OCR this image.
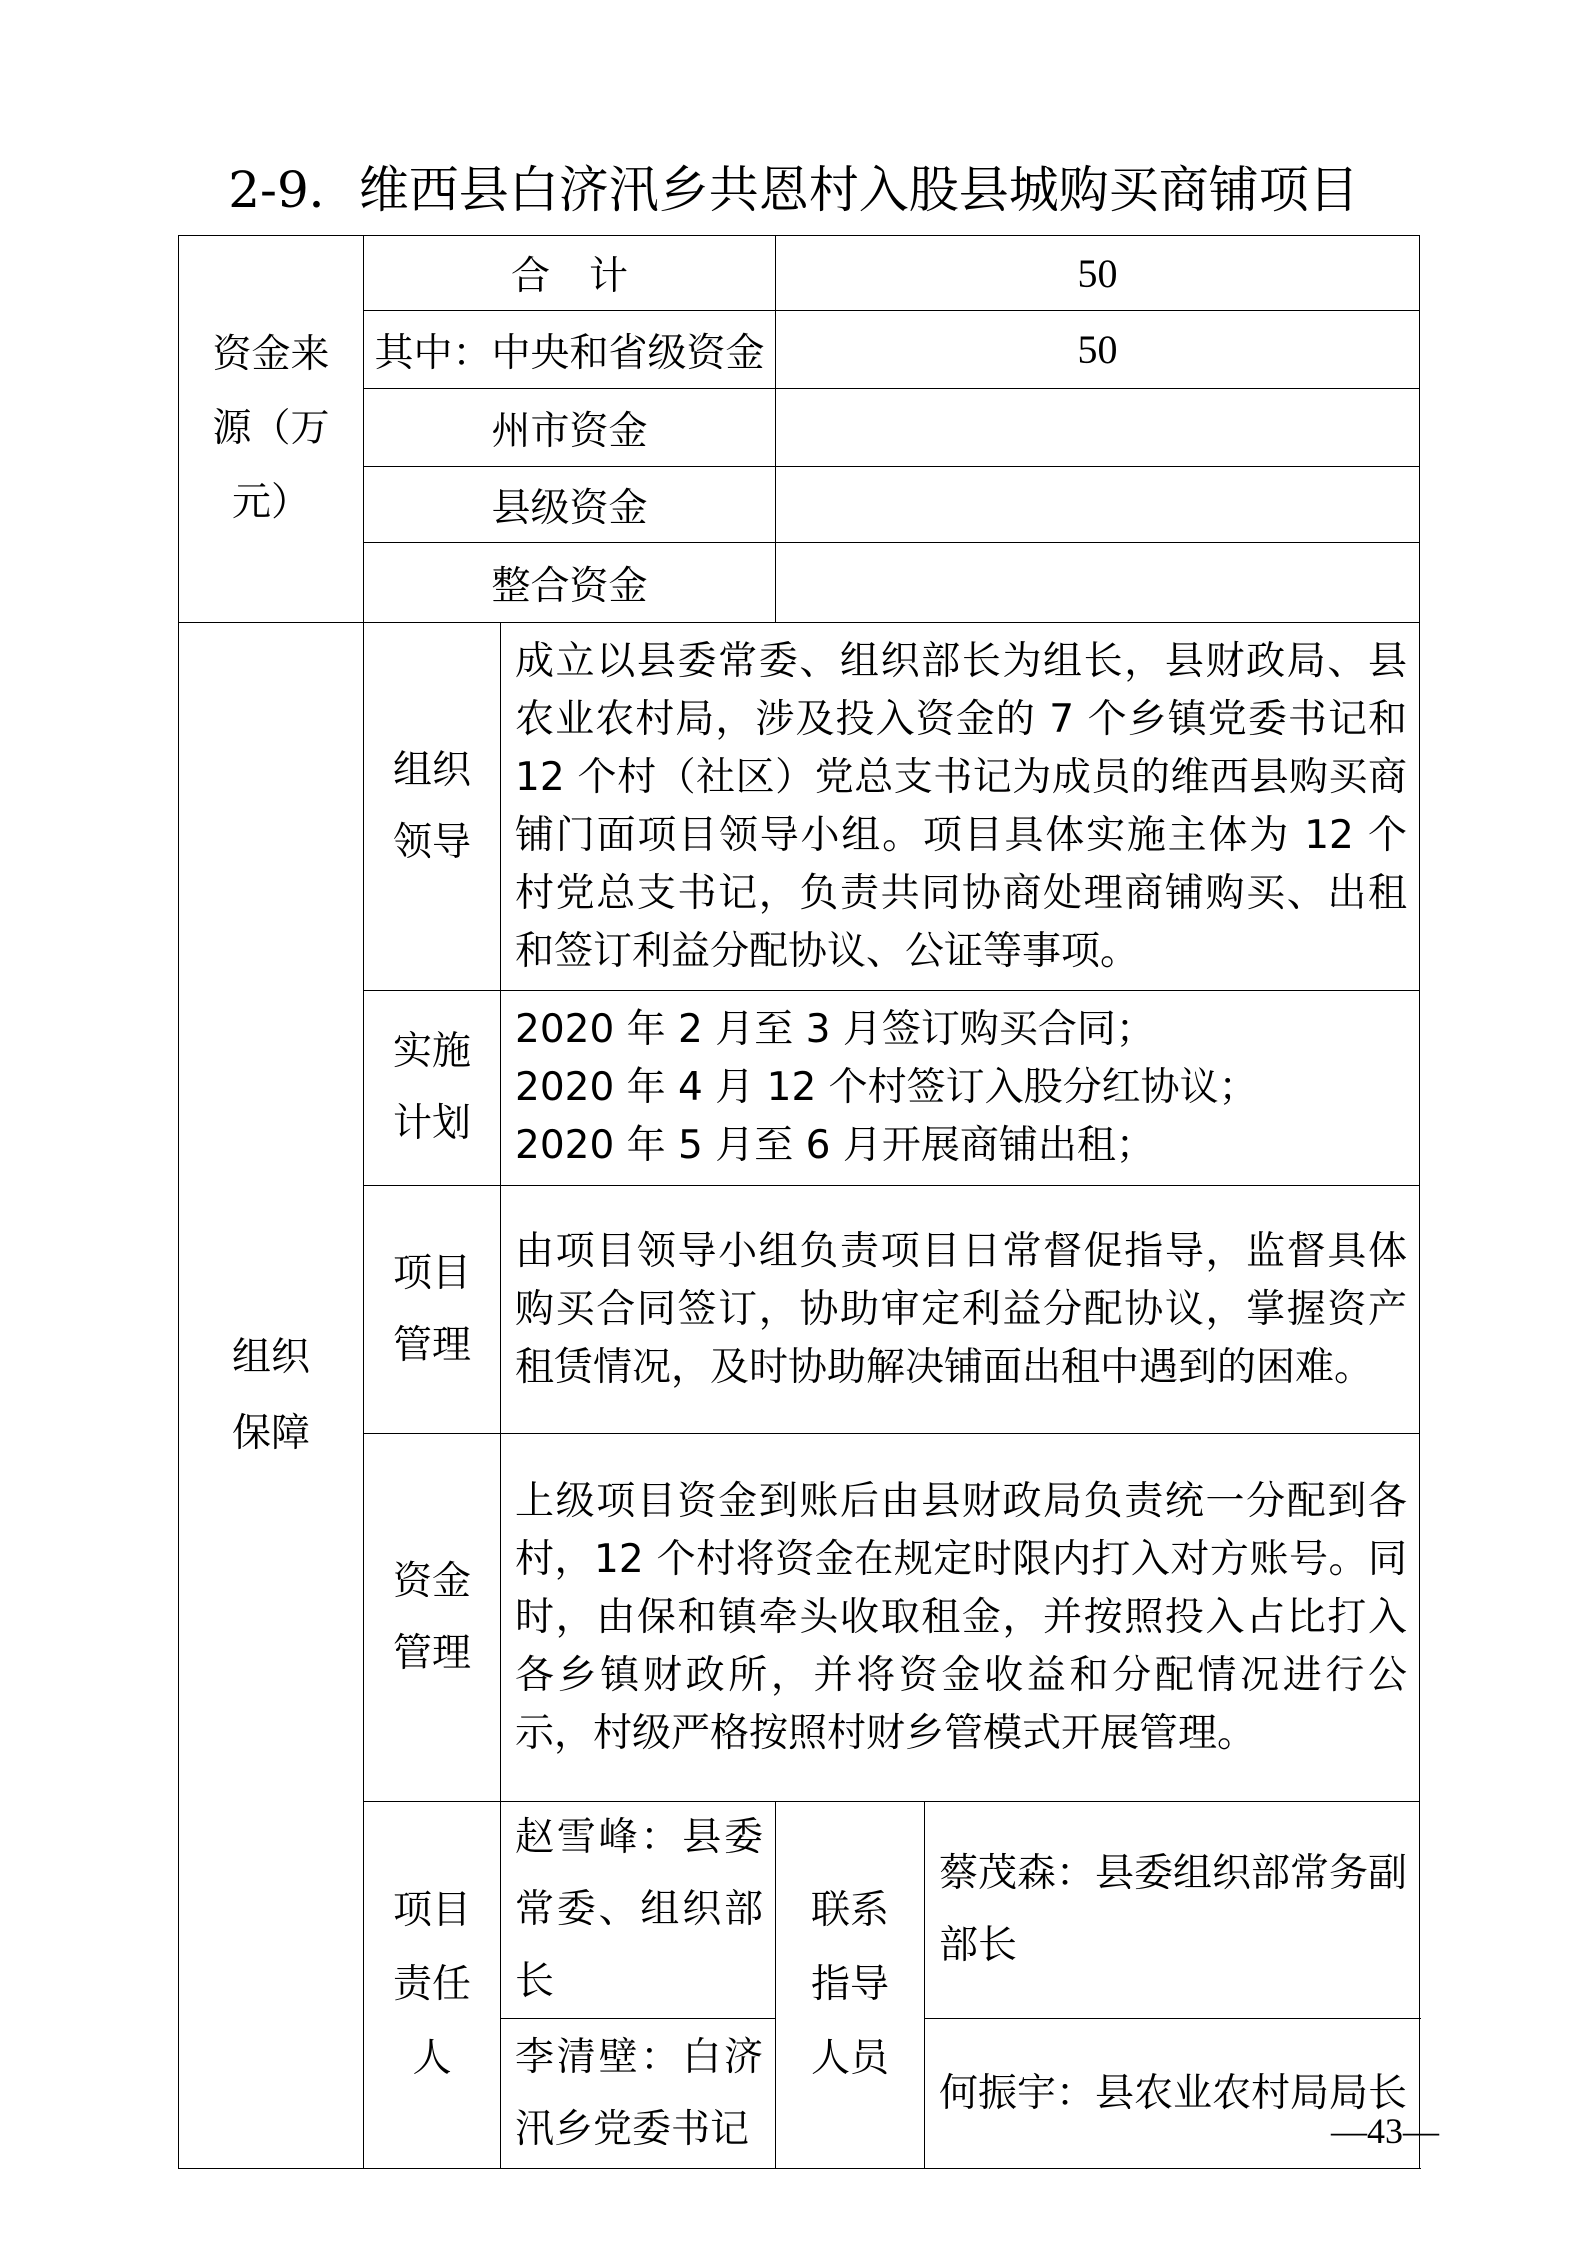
2-9．维西县白济汛乡共恩村入股县城购买商铺项目
资金来源（万元）	合　计		50	
	其中：中央和省级资金		50	
	州市资金			
	县级资金			
	整合资金			

组织保障	组织领导	成立以县委常委、组织部长为组长，县财政局、县农业农村局，涉及投入资金的 7 个乡镇党委书记和 12 个村（社区）党总支书记为成员的维西县购买商铺门面项目领导小组。项目具体实施主体为 12 个村党总支书记，负责共同协商处理商铺购买、出租和签订利益分配协议、公证等事项。		

	实施计划	2020 年 2 月至 3 月签订购买合同；
2020 年 4 月 12 个村签订入股分红协议；
2020 年 5 月至 6 月开展商铺出租；		

	项目管理	由项目领导小组负责项目日常督促指导，监督具体购买合同签订，协助审定利益分配协议，掌握资产租赁情况，及时协助解决铺面出租中遇到的困难。		

	资金管理	上级项目资金到账后由县财政局负责统一分配到各村，12 个村将资金在规定时限内打入对方账号。同时，由保和镇牵头收取租金，并按照投入占比打入各乡镇财政所，并将资金收益和分配情况进行公示，村级严格按照村财乡管模式开展管理。		

	项目责任人	赵雪峰：县委常委、组织部长	联系指导人员	蔡茂森：县委组织部常务副部长
		李清壁：白济汛乡党委书记		何振宇：县农业农村局局长
—43—
